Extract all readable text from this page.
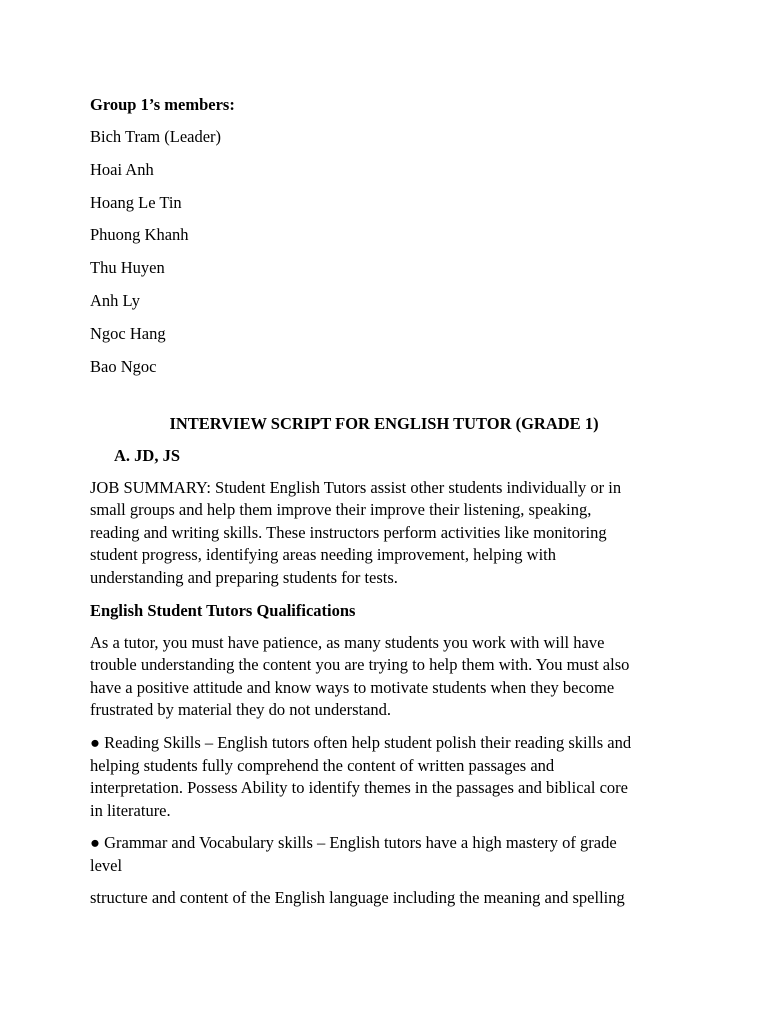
Group 1’s members:

Bich Tram (Leader)

Hoai Anh

Hoang Le Tin

Phuong Khanh

Thu Huyen

Anh Ly

Ngoc Hang

Bao Ngoc

INTERVIEW SCRIPT FOR ENGLISH TUTOR (GRADE 1)

A. JD, JS

JOB SUMMARY: Student English Tutors assist other students individually or in

small groups and help them improve their improve their listening, speaking,

reading and writing skills. These instructors perform activities like monitoring

student progress, identifying areas needing improvement, helping with

understanding and preparing students for tests.

English Student Tutors Qualifications

As a tutor, you must have patience, as many students you work with will have

trouble understanding the content you are trying to help them with. You must also

have a positive attitude and know ways to motivate students when they become

frustrated by material they do not understand.

● Reading Skills – English tutors often help student polish their reading skills and

helping students fully comprehend the content of written passages and

interpretation. Possess Ability to identify themes in the passages and biblical core

in literature.

● Grammar and Vocabulary skills – English tutors have a high mastery of grade

level

structure and content of the English language including the meaning and spelling
